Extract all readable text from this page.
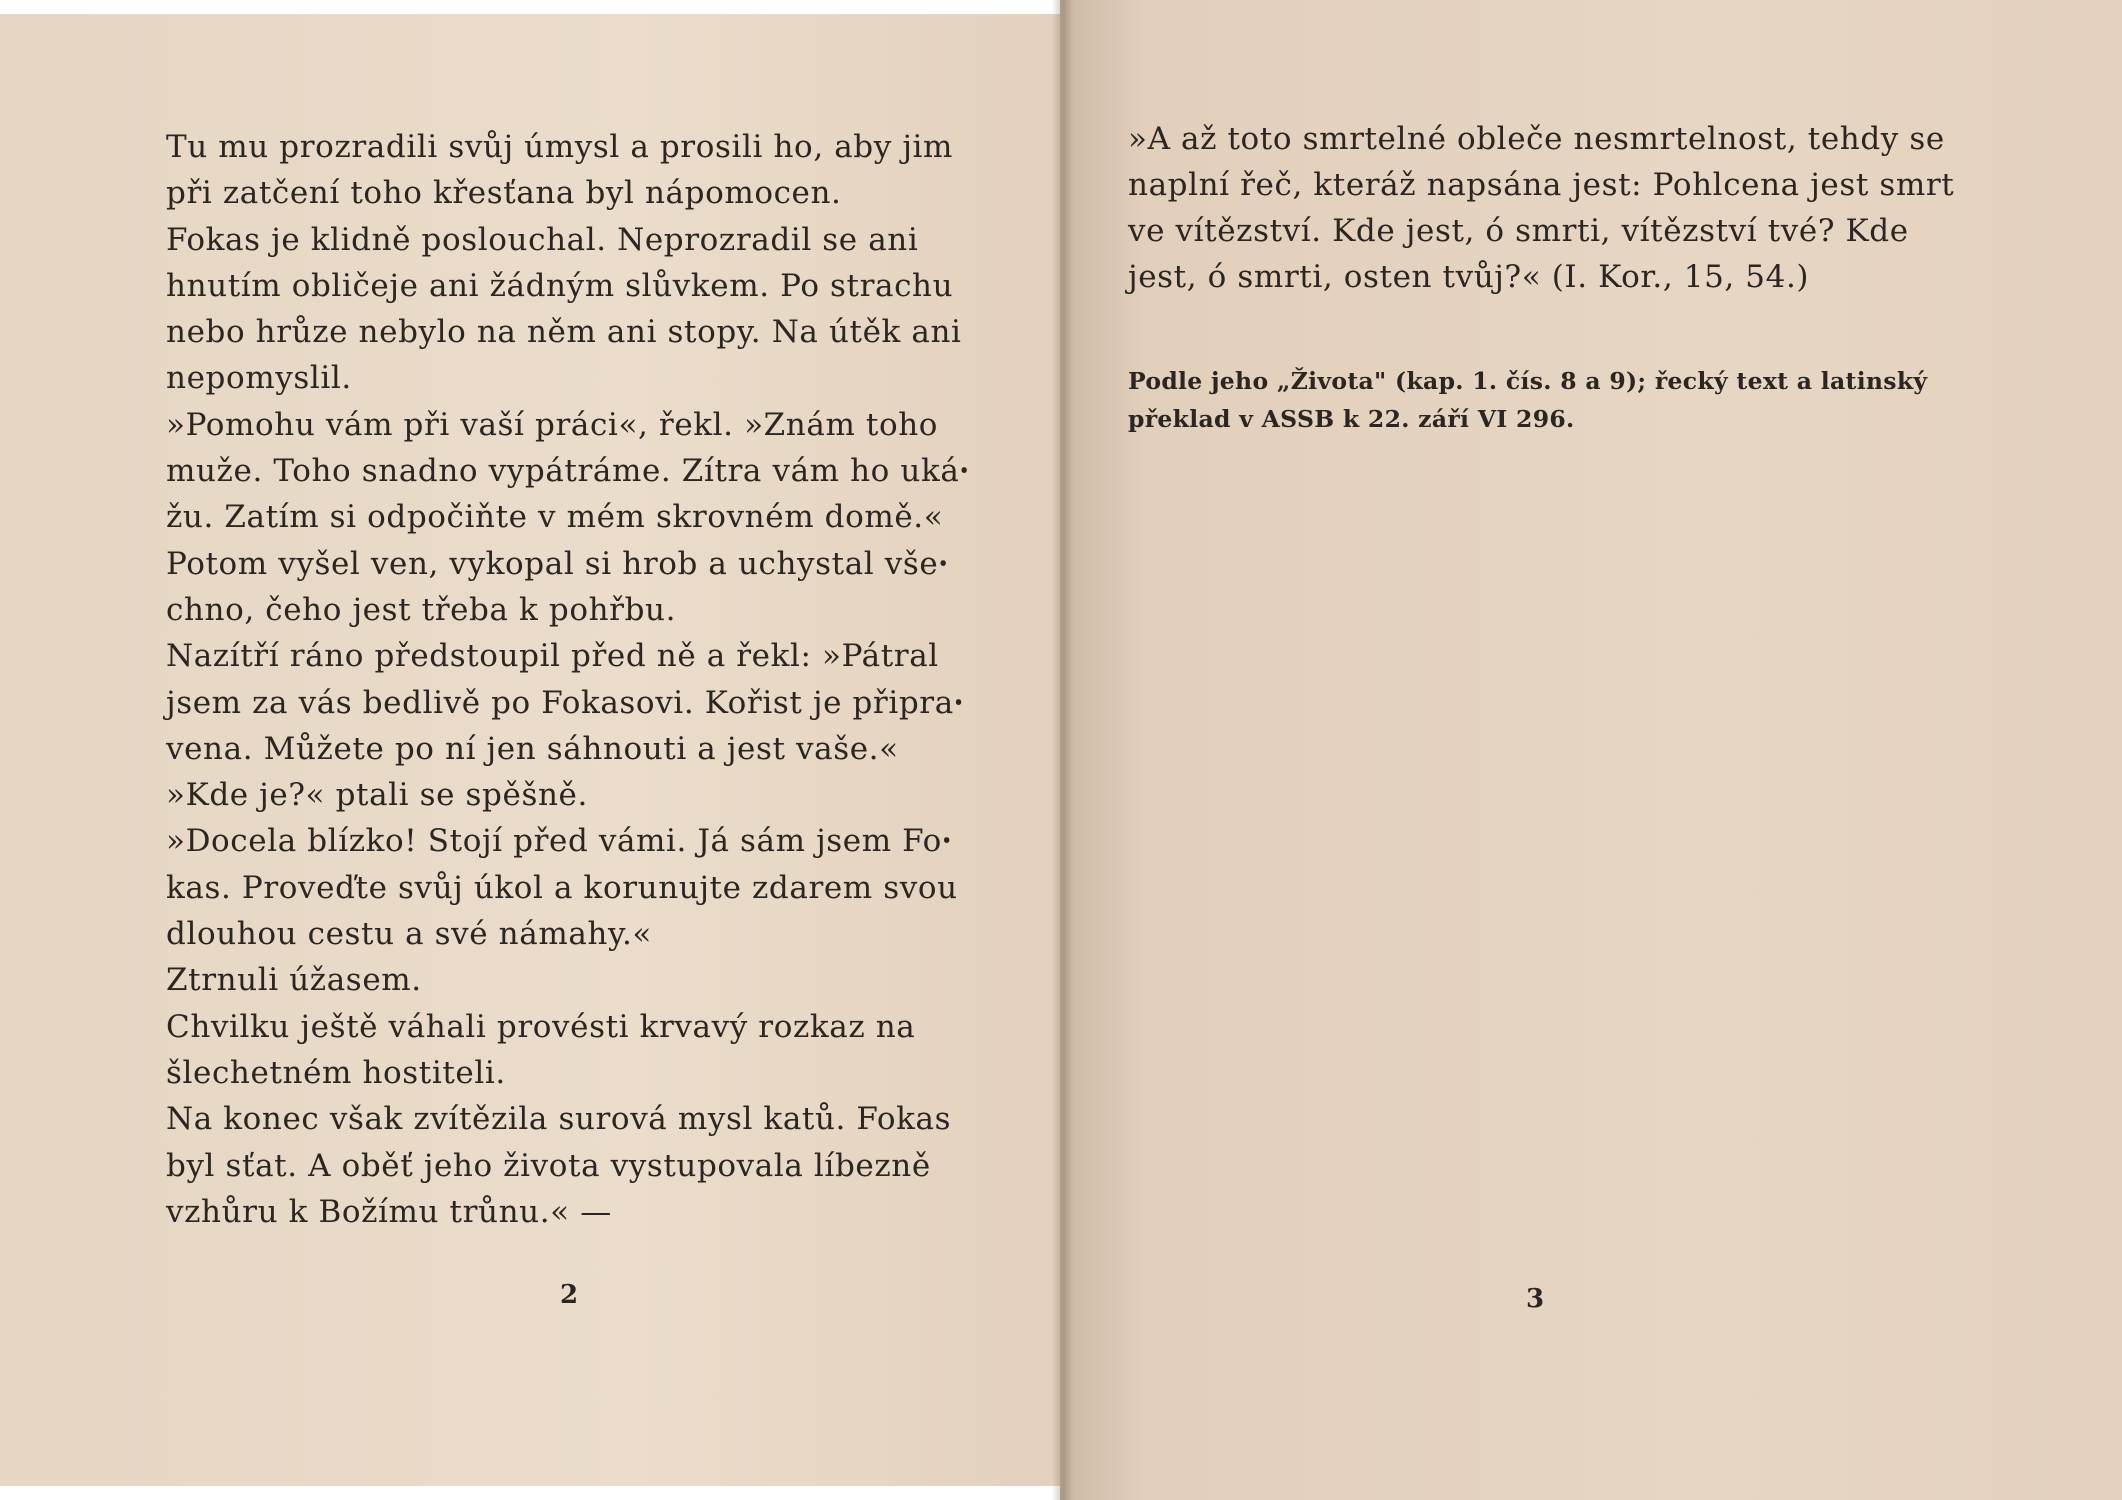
Tu mu prozradili svůj úmysl a prosili ho, aby jim

při zatčení toho křesťana byl nápomocen.

Fokas je klidně poslouchal. Neprozradil se ani

hnutím obličeje ani žádným slůvkem. Po strachu

nebo hrůze nebylo na něm ani stopy. Na útěk ani

nepomyslil.

»Pomohu vám při vaší práci«, řekl. »Znám toho

muže. Toho snadno vypátráme. Zítra vám ho ukáꞏ

žu. Zatím si odpočiňte v mém skrovném domě.«

Potom vyšel ven, vykopal si hrob a uchystal všeꞏ

chno, čeho jest třeba k pohřbu.

Nazítří ráno předstoupil před ně a řekl: »Pátral

jsem za vás bedlivě po Fokasovi. Kořist je připraꞏ

vena. Můžete po ní jen sáhnouti a jest vaše.«

»Kde je?« ptali se spěšně.

»Docela blízko! Stojí před vámi. Já sám jsem Foꞏ

kas. Proveďte svůj úkol a korunujte zdarem svou

dlouhou cestu a své námahy.«

Ztrnuli úžasem.

Chvilku ještě váhali provésti krvavý rozkaz na

šlechetném hostiteli.

Na konec však zvítězila surová mysl katů. Fokas

byl sťat. A oběť jeho života vystupovala líbezně

vzhůru k Božímu trůnu.« —

2

»A až toto smrtelné obleče nesmrtelnost, tehdy se

naplní řeč, kteráž napsána jest: Pohlcena jest smrt

ve vítězství. Kde jest, ó smrti, vítězství tvé? Kde

jest, ó smrti, osten tvůj?« (I. Kor., 15, 54.)

Podle jeho „Života" (kap. 1. čís. 8 a 9); řecký text a latinský

překlad v ASSB k 22. září VI 296.

3
